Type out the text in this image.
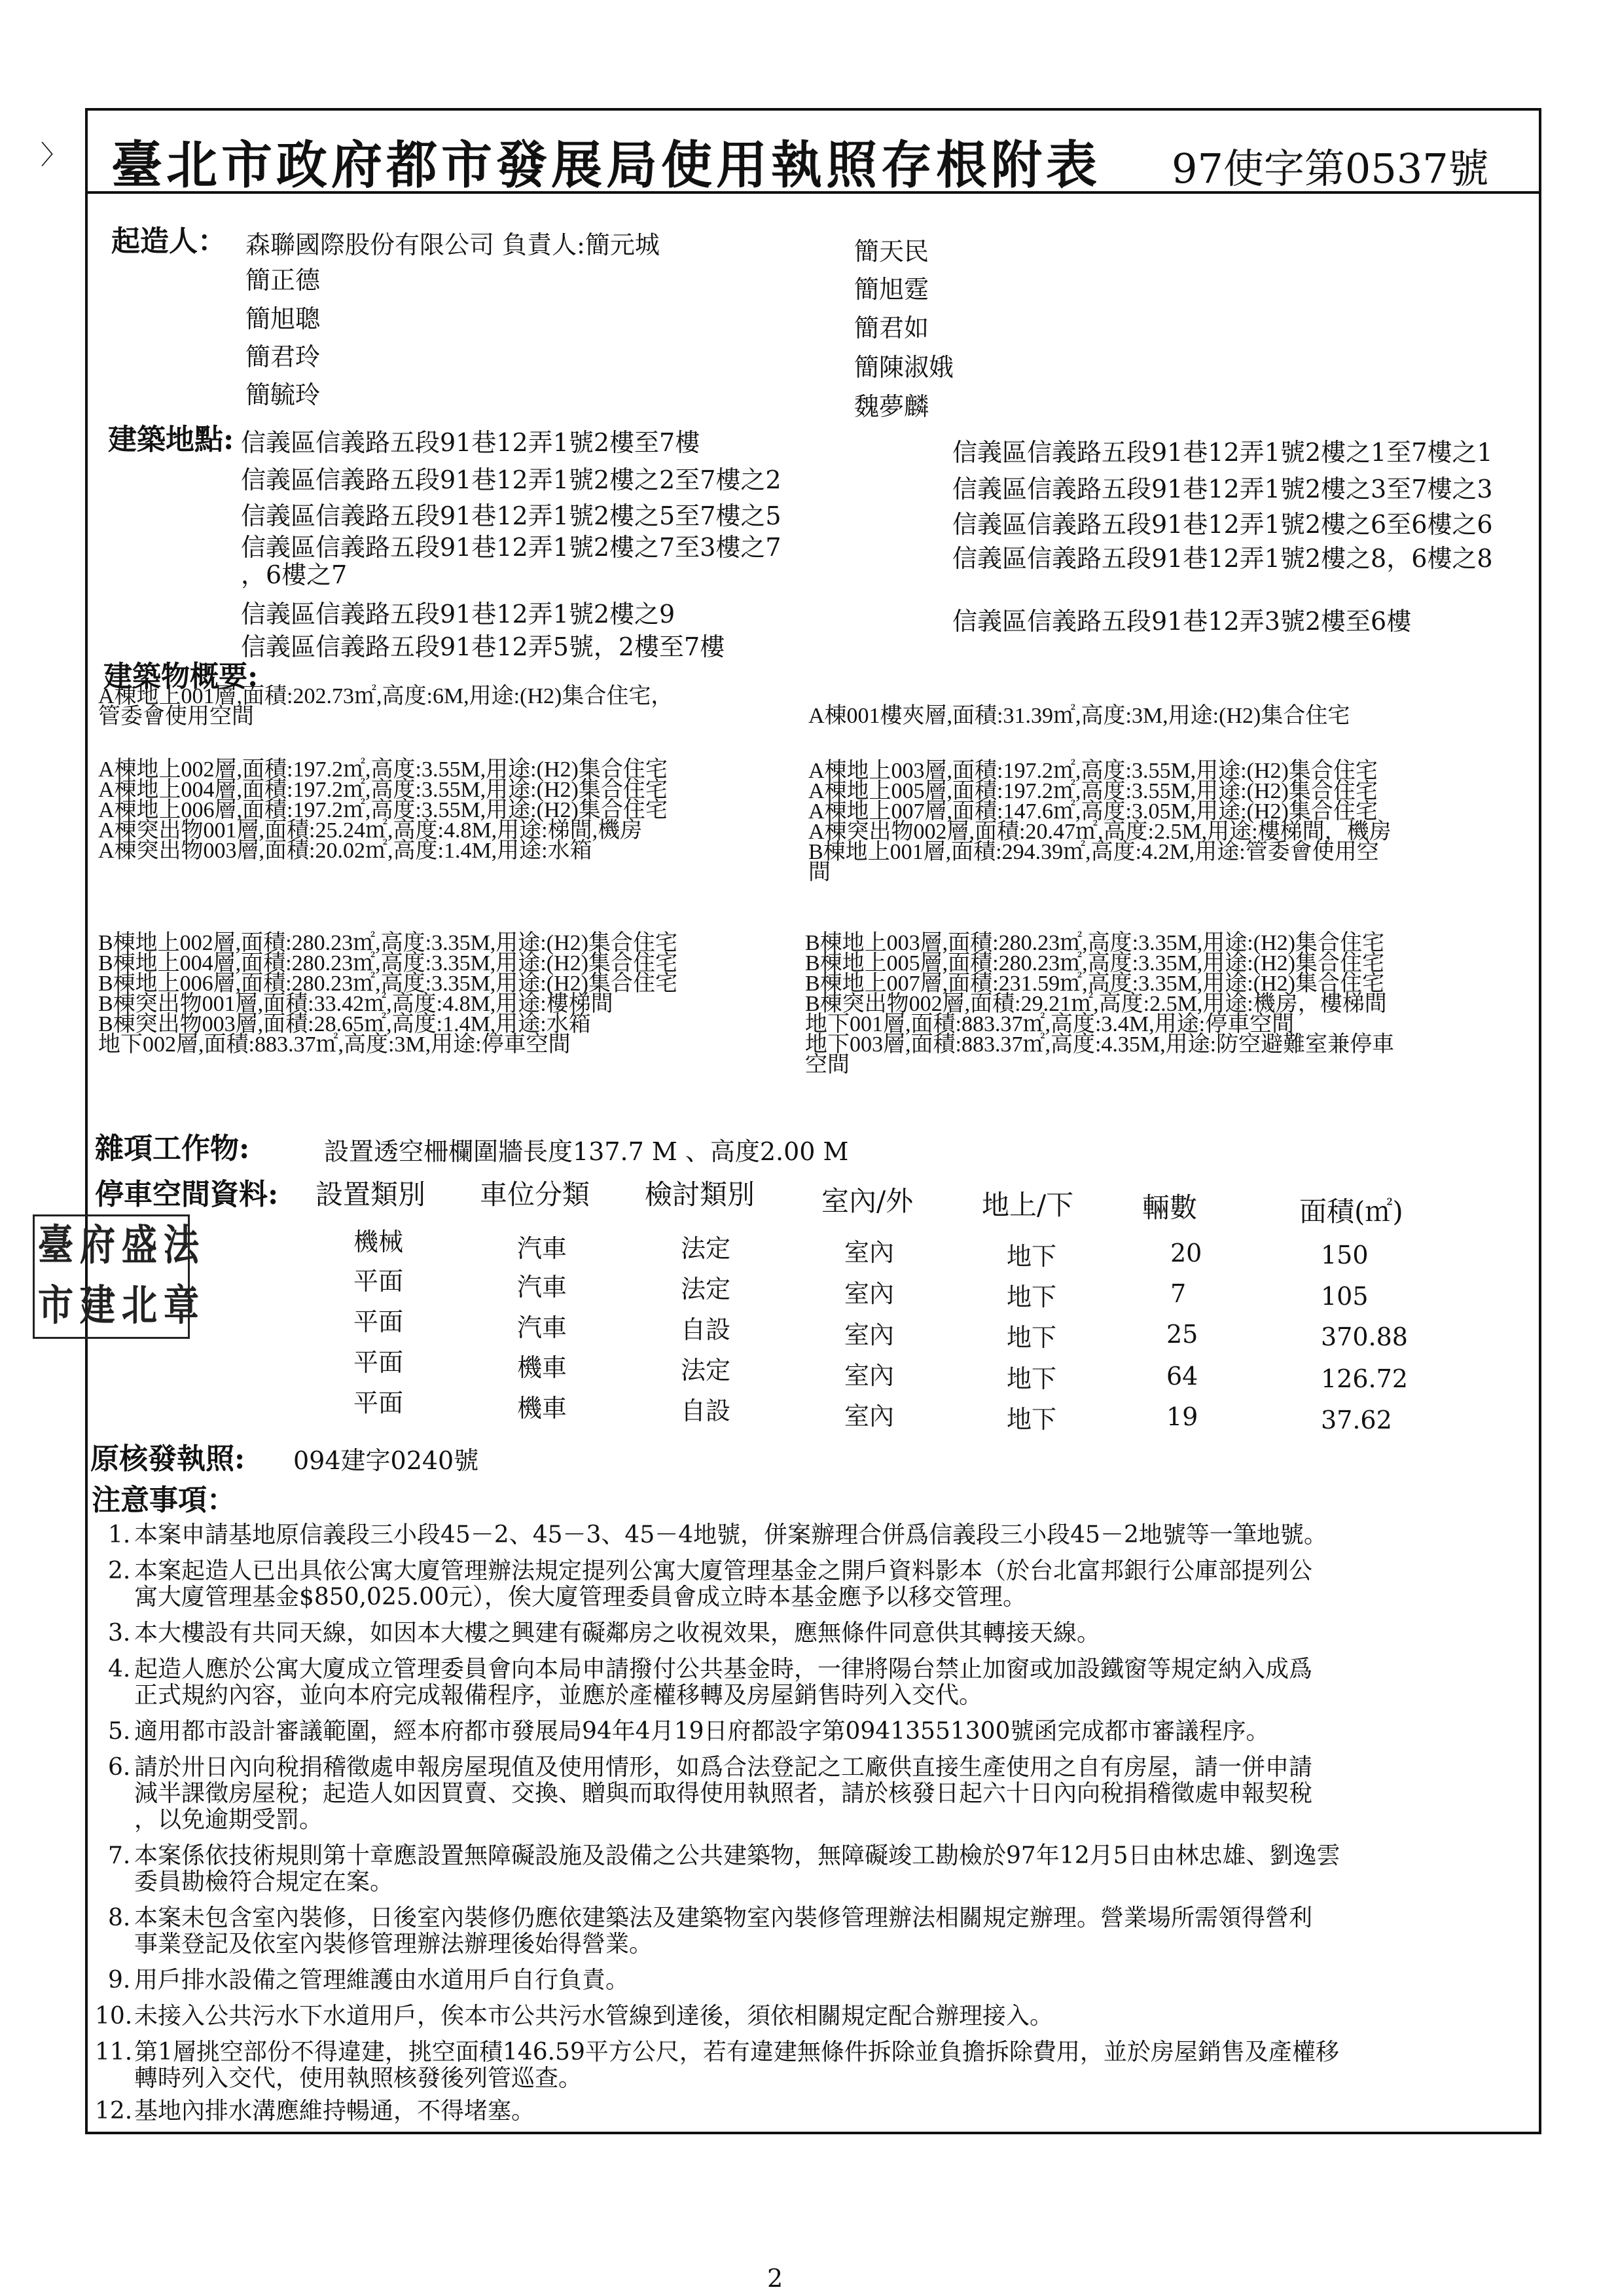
〉 臺北市政府都市發展局使用執照存根附表 97使字第0537號
起造人： 森聯國際股份有限公司 負責人:簡元城
簡正德
簡旭聰
簡君玲
簡毓玲
簡天民
簡旭霆
簡君如
簡陳淑娥
魏夢麟
建築地點: 信義區信義路五段91巷12弄1號2樓至7樓
信義區信義路五段91巷12弄1號2樓之2至7樓之2
信義區信義路五段91巷12弄1號2樓之5至7樓之5
信義區信義路五段91巷12弄1號2樓之7至3樓之7
，6樓之7
信義區信義路五段91巷12弄1號2樓之9
信義區信義路五段91巷12弄5號，2樓至7樓
信義區信義路五段91巷12弄1號2樓之1至7樓之1
信義區信義路五段91巷12弄1號2樓之3至7樓之3
信義區信義路五段91巷12弄1號2樓之6至6樓之6
信義區信義路五段91巷12弄1號2樓之8，6樓之8
信義區信義路五段91巷12弄3號2樓至6樓
建築物概要:
A棟地上001層,面積:202.73㎡,高度:6M,用途:(H2)集合住宅，
管委會使用空間	A棟001樓夾層,面積:31.39㎡,高度:3M,用途:(H2)集合住宅
A棟地上002層,面積:197.2㎡,高度:3.55M,用途:(H2)集合住宅
A棟地上004層,面積:197.2㎡,高度:3.55M,用途:(H2)集合住宅
A棟地上006層,面積:197.2㎡,高度:3.55M,用途:(H2)集合住宅
A棟突出物001層,面積:25.24㎡,高度:4.8M,用途:梯間,機房
A棟突出物003層,面積:20.02㎡,高度:1.4M,用途:水箱
A棟地上003層,面積:197.2㎡,高度:3.55M,用途:(H2)集合住宅
A棟地上005層,面積:197.2㎡,高度:3.55M,用途:(H2)集合住宅
A棟地上007層,面積:147.6㎡,高度:3.05M,用途:(H2)集合住宅
A棟突出物002層,面積:20.47㎡,高度:2.5M,用途:樓梯間，機房
B棟地上001層,面積:294.39㎡,高度:4.2M,用途:管委會使用空
間
B棟地上002層,面積:280.23㎡,高度:3.35M,用途:(H2)集合住宅
B棟地上004層,面積:280.23㎡,高度:3.35M,用途:(H2)集合住宅
B棟地上006層,面積:280.23㎡,高度:3.35M,用途:(H2)集合住宅
B棟突出物001層,面積:33.42㎡,高度:4.8M,用途:樓梯間
B棟突出物003層,面積:28.65㎡,高度:1.4M,用途:水箱
地下002層,面積:883.37㎡,高度:3M,用途:停車空間
B棟地上003層,面積:280.23㎡,高度:3.35M,用途:(H2)集合住宅
B棟地上005層,面積:280.23㎡,高度:3.35M,用途:(H2)集合住宅
B棟地上007層,面積:231.59㎡,高度:3.35M,用途:(H2)集合住宅
B棟突出物002層,面積:29.21㎡,高度:2.5M,用途:機房，樓梯間
地下001層,面積:883.37㎡,高度:3.4M,用途:停車空間
地下003層,面積:883.37㎡,高度:4.35M,用途:防空避難室兼停車
空間
雜項工作物:	設置透空柵欄圍牆長度137.7 M 、高度2.00 M
停車空間資料: 設置類別 車位分類 檢討類別 室內/外 地上/下 輛數	面積(㎡)
機械	汽車	法定	室內	地下	20	150
平面	汽車	法定	室內	地下	7	105
平面	汽車	自設	室內	地下	25	370.88
平面	機車	法定	室內	地下	64	126.72
平面	機車	自設	室內	地下	19	37.62
臺 府 盛 法
市 建 北 章
原核發執照: 094建字0240號
注意事項：
1. 本案申請基地原信義段三小段45－2、45－3、45－4地號，併案辦理合併爲信義段三小段45－2地號等一筆地號。
2. 本案起造人已出具依公寓大廈管理辦法規定提列公寓大廈管理基金之開戶資料影本（於台北富邦銀行公庫部提列公
寓大廈管理基金$850,025.00元），俟大廈管理委員會成立時本基金應予以移交管理。
3. 本大樓設有共同天線，如因本大樓之興建有礙鄰房之收視效果，應無條件同意供其轉接天線。
4. 起造人應於公寓大廈成立管理委員會向本局申請撥付公共基金時，一律將陽台禁止加窗或加設鐵窗等規定納入成爲
正式規約內容，並向本府完成報備程序，並應於產權移轉及房屋銷售時列入交代。
5. 適用都市設計審議範圍，經本府都市發展局94年4月19日府都設字第09413551300號函完成都市審議程序。
6. 請於卅日內向稅捐稽徵處申報房屋現值及使用情形，如爲合法登記之工廠供直接生產使用之自有房屋，請一併申請
減半課徵房屋稅；起造人如因買賣、交換、贈與而取得使用執照者，請於核發日起六十日內向稅捐稽徵處申報契稅
，以免逾期受罰。
7. 本案係依技術規則第十章應設置無障礙設施及設備之公共建築物，無障礙竣工勘檢於97年12月5日由林忠雄、劉逸雲
委員勘檢符合規定在案。
8. 本案未包含室內裝修，日後室內裝修仍應依建築法及建築物室內裝修管理辦法相關規定辦理。營業場所需領得營利
事業登記及依室內裝修管理辦法辦理後始得營業。
9. 用戶排水設備之管理維護由水道用戶自行負責。
10. 未接入公共污水下水道用戶，俟本市公共污水管線到達後，須依相關規定配合辦理接入。
11. 第1層挑空部份不得違建，挑空面積146.59平方公尺，若有違建無條件拆除並負擔拆除費用，並於房屋銷售及產權移
轉時列入交代，使用執照核發後列管巡查。
12. 基地內排水溝應維持暢通，不得堵塞。
2
